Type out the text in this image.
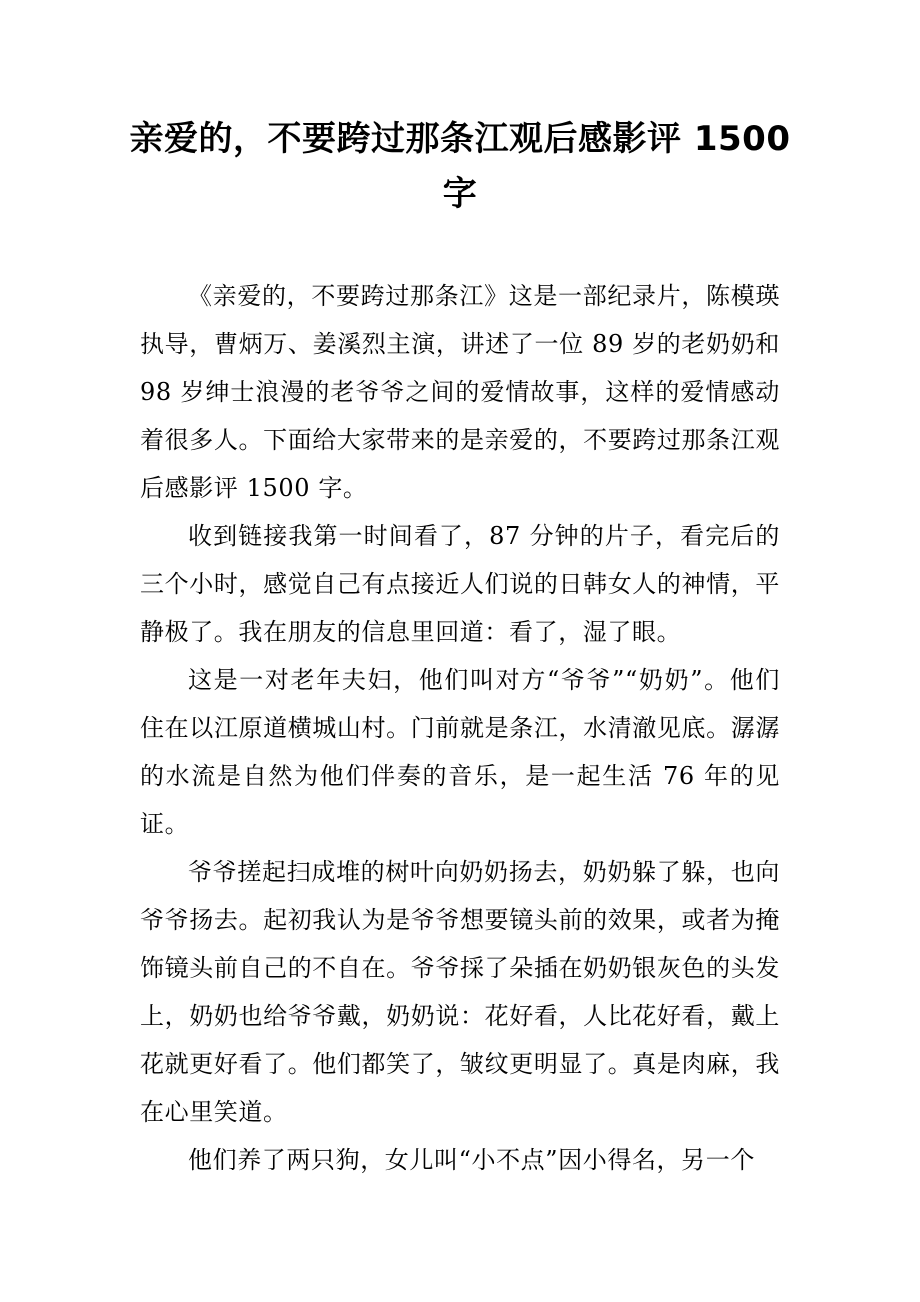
亲爱的，不要跨过那条江观后感影评 1500 字

《亲爱的，不要跨过那条江》这是一部纪录片，陈模瑛执导，曹炳万、姜溪烈主演，讲述了一位 89 岁的老奶奶和 98 岁绅士浪漫的老爷爷之间的爱情故事，这样的爱情感动着很多人。下面给大家带来的是亲爱的，不要跨过那条江观后感影评 1500 字。

收到链接我第一时间看了，87 分钟的片子，看完后的三个小时，感觉自己有点接近人们说的日韩女人的神情，平静极了。我在朋友的信息里回道：看了，湿了眼。

这是一对老年夫妇，他们叫对方“爷爷”“奶奶”。他们住在以江原道横城山村。门前就是条江，水清澈见底。潺潺的水流是自然为他们伴奏的音乐，是一起生活 76 年的见证。

爷爷搓起扫成堆的树叶向奶奶扬去，奶奶躲了躲，也向爷爷扬去。起初我认为是爷爷想要镜头前的效果，或者为掩饰镜头前自己的不自在。爷爷採了朵插在奶奶银灰色的头发上，奶奶也给爷爷戴，奶奶说：花好看，人比花好看，戴上花就更好看了。他们都笑了，皱纹更明显了。真是肉麻，我在心里笑道。

他们养了两只狗，女儿叫“小不点”因小得名，另一个
